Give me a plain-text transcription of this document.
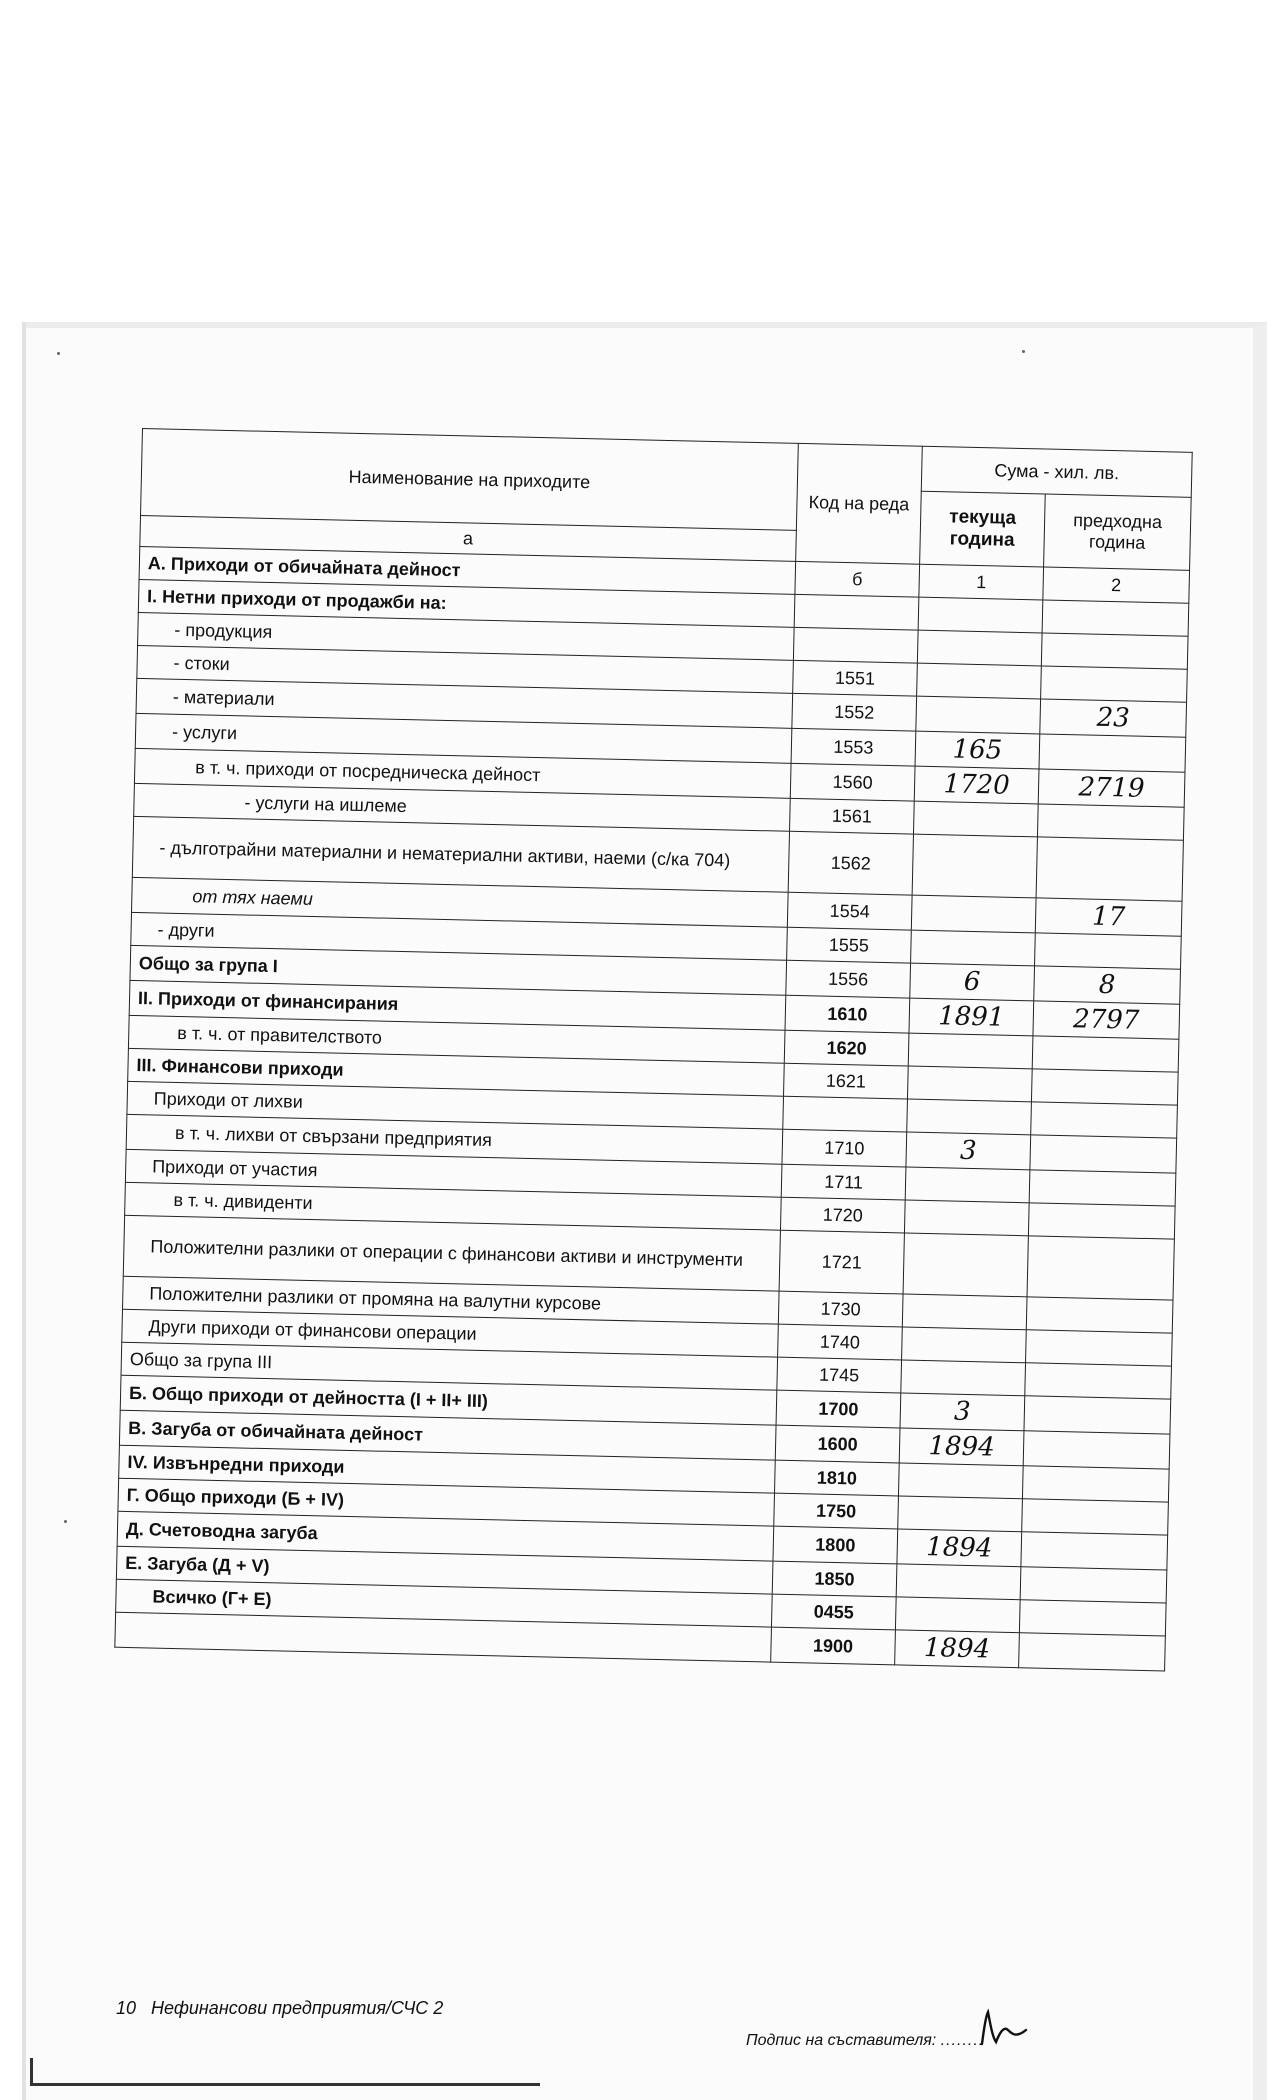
Наименование на приходите	Код на реда	Сума - хил. лв.	
		текуща година	предходна година
а			
А. Приходи от обичайната дейност	б	1	2
I. Нетни приходи от продажби на:			
- продукция			
- стоки	1551		
- материали	1552		23
- услуги	1553	165	
в т. ч. приходи от посредническа дейност	1560	1720	2719
- услуги на ишлеме	1561		
- дълготрайни материални и нематериални активи, наеми (с/ка 704)	1562		
от тях наеми	1554		17
- други	1555		
Общо за група I	1556	6	8
II. Приходи от финансирания	1610	1891	2797
в т. ч. от правителството	1620		
III. Финансови приходи	1621		
Приходи от лихви			
в т. ч. лихви от свързани предприятия	1710	3	
Приходи от участия	1711		
в т. ч. дивиденти	1720		
Положителни разлики от операции с финансови активи и инструменти	1721		
Положителни разлики от промяна на валутни курсове	1730		
Други приходи от финансови операции	1740		
Общо за група III	1745		
Б. Общо приходи от дейността (I + II+ III)	1700	3	
В. Загуба от обичайната дейност	1600	1894	
IV. Извънредни приходи	1810		
Г. Общо приходи (Б + IV)	1750		
Д. Счетоводна загуба	1800	1894	
Е. Загуба (Д + V)	1850		
Всичко (Г+ Е)	0455		
	1900	1894	
10 Нефинансови предприятия/СЧС 2
Подпис на съставителя: ........
